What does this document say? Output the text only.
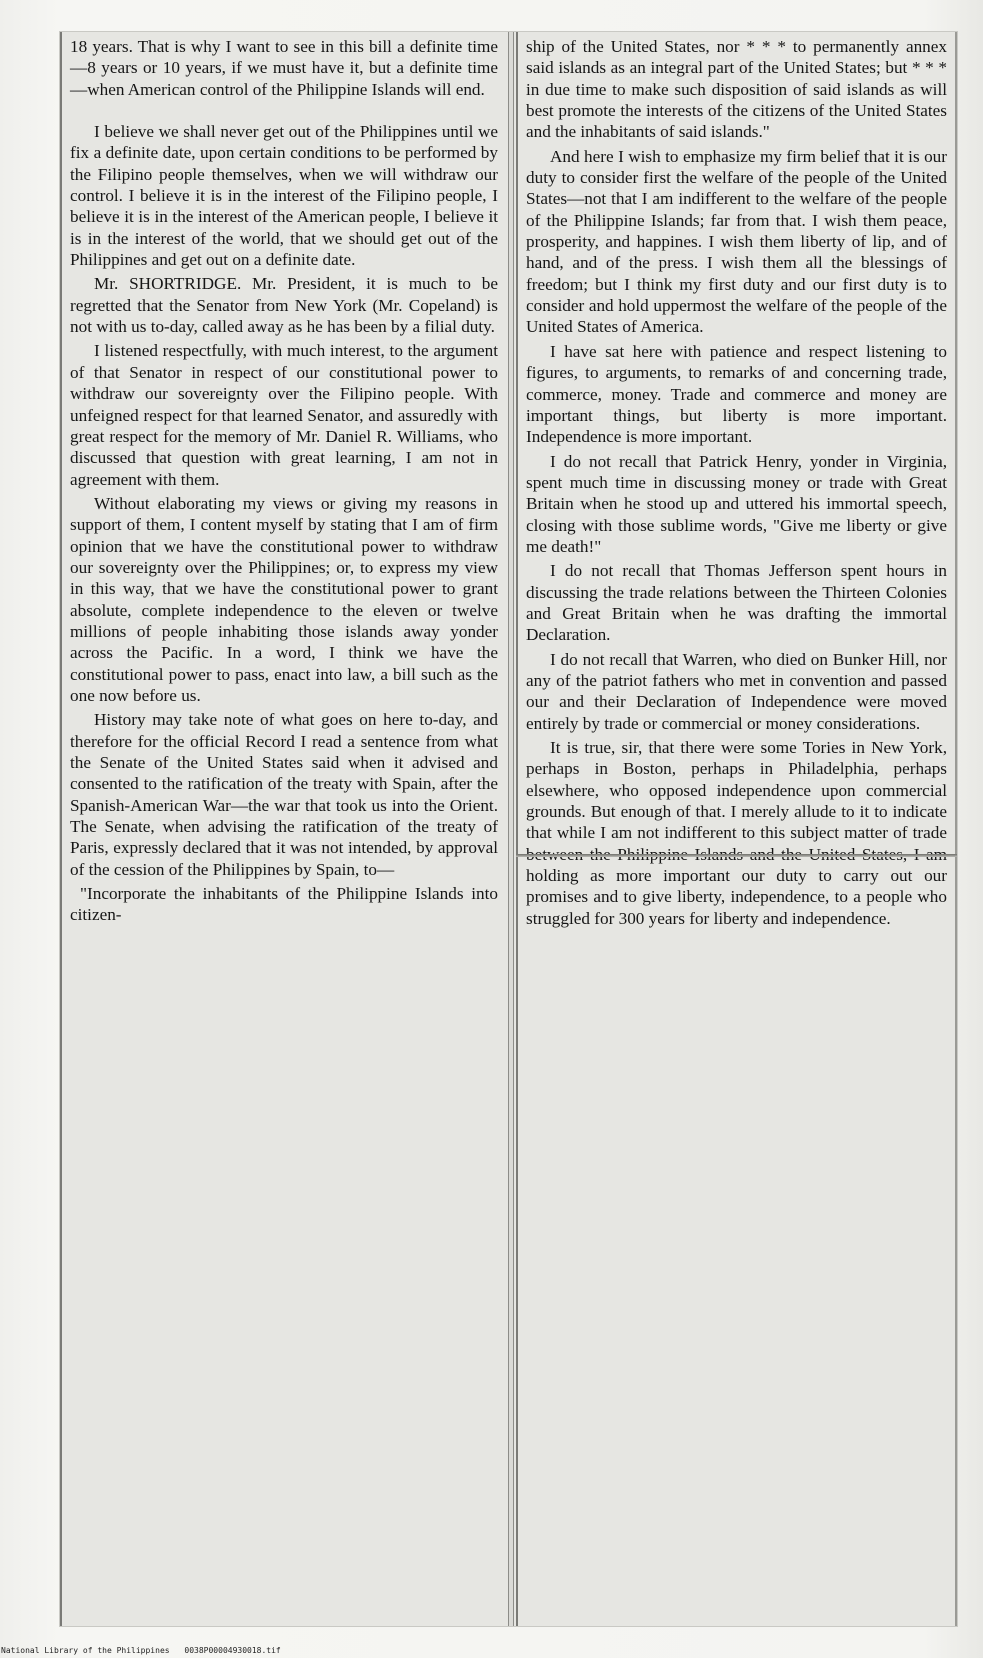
18 years. That is why I want to see in this bill a definite time—8 years or 10 years, if we must have it, but a definite time—when American control of the Philippine Islands will end.

I believe we shall never get out of the Philippines until we fix a definite date, upon certain conditions to be performed by the Filipino people themselves, when we will withdraw our control. I believe it is in the interest of the Filipino people, I believe it is in the interest of the American people, I believe it is in the interest of the world, that we should get out of the Philippines and get out on a definite date.

Mr. SHORTRIDGE. Mr. President, it is much to be regretted that the Senator from New York (Mr. Copeland) is not with us to-day, called away as he has been by a filial duty.

I listened respectfully, with much interest, to the argument of that Senator in respect of our constitutional power to withdraw our sovereignty over the Filipino people. With unfeigned respect for that learned Senator, and assuredly with great respect for the memory of Mr. Daniel R. Williams, who discussed that question with great learning, I am not in agreement with them.

Without elaborating my views or giving my reasons in support of them, I content myself by stating that I am of firm opinion that we have the constitutional power to withdraw our sovereignty over the Philippines; or, to express my view in this way, that we have the constitutional power to grant absolute, complete independence to the eleven or twelve millions of people inhabiting those islands away yonder across the Pacific. In a word, I think we have the constitutional power to pass, enact into law, a bill such as the one now before us.

History may take note of what goes on here to-day, and therefore for the official Record I read a sentence from what the Senate of the United States said when it advised and consented to the ratification of the treaty with Spain, after the Spanish-American War—the war that took us into the Orient. The Senate, when advising the ratification of the treaty of Paris, expressly declared that it was not intended, by approval of the cession of the Philippines by Spain, to—

"Incorporate the inhabitants of the Philippine Islands into citizen-

ship of the United States, nor * * * to permanently annex said islands as an integral part of the United States; but * * * in due time to make such disposition of said islands as will best promote the interests of the citizens of the United States and the inhabitants of said islands."

And here I wish to emphasize my firm belief that it is our duty to consider first the welfare of the people of the United States—not that I am indifferent to the welfare of the people of the Philippine Islands; far from that. I wish them peace, prosperity, and happines. I wish them liberty of lip, and of hand, and of the press. I wish them all the blessings of freedom; but I think my first duty and our first duty is to consider and hold uppermost the welfare of the people of the United States of America.

I have sat here with patience and respect listening to figures, to arguments, to remarks of and concerning trade, commerce, money. Trade and commerce and money are important things, but liberty is more important. Independence is more important.

I do not recall that Patrick Henry, yonder in Virginia, spent much time in discussing money or trade with Great Britain when he stood up and uttered his immortal speech, closing with those sublime words, "Give me liberty or give me death!"

I do not recall that Thomas Jefferson spent hours in discussing the trade relations between the Thirteen Colonies and Great Britain when he was drafting the immortal Declaration.

I do not recall that Warren, who died on Bunker Hill, nor any of the patriot fathers who met in convention and passed our and their Declaration of Independence were moved entirely by trade or commercial or money considerations.

It is true, sir, that there were some Tories in New York, perhaps in Boston, perhaps in Philadelphia, perhaps elsewhere, who opposed independence upon commercial grounds. But enough of that. I merely allude to it to indicate that while I am not indifferent to this subject matter of trade holding as more important our duty to carry out our promises and to give liberty, independence, to a people who struggled for 300 years for liberty and independence.

National Library of the Philippines 0038P00004930018.tif
